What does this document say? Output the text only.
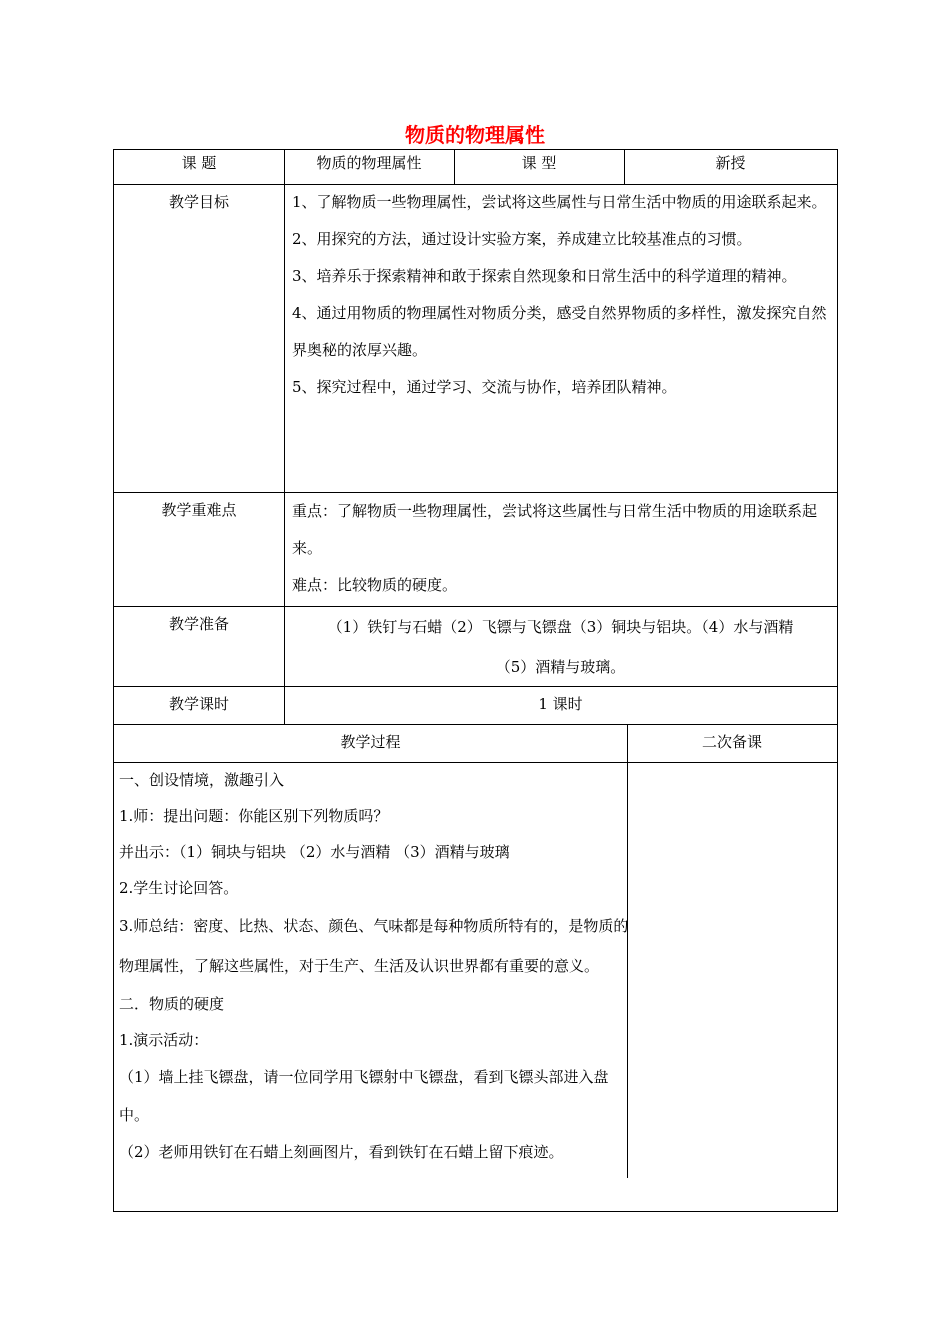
物质的物理属性
课 题	物质的物理属性	课 型	新授
教学目标	1、了解物质一些物理属性，尝试将这些属性与日常生活中物质的用途联系起来。

2、用探究的方法，通过设计实验方案，养成建立比较基准点的习惯。

3、培养乐于探索精神和敢于探索自然现象和日常生活中的科学道理的精神。

4、通过用物质的物理属性对物质分类，感受自然界物质的多样性，激发探究自然界奥秘的浓厚兴趣。

5、探究过程中，通过学习、交流与协作，培养团队精神。

教学重难点	重点：了解物质一些物理属性，尝试将这些属性与日常生活中物质的用途联系起来。

难点：比较物质的硬度。

教学准备	（1）铁钉与石蜡（2）飞镖与飞镖盘（3）铜块与铝块。（4）水与酒精
（5）酒精与玻璃。
教学课时	1 课时
教学过程	二次备课

一、创设情境，激趣引入

1.师：提出问题：你能区别下列物质吗？

并出示：（1）铜块与铝块 （2）水与酒精 （3）酒精与玻璃

2.学生讨论回答。

3.师总结：密度、比热、状态、颜色、气味都是每种物质所特有的，是物质的物理属性，了解这些属性，对于生产、生活及认识世界都有重要的意义。

二．物质的硬度

1.演示活动：

（1）墙上挂飞镖盘，请一位同学用飞镖射中飞镖盘，看到飞镖头部进入盘中。

（2）老师用铁钉在石蜡上刻画图片，看到铁钉在石蜡上留下痕迹。
